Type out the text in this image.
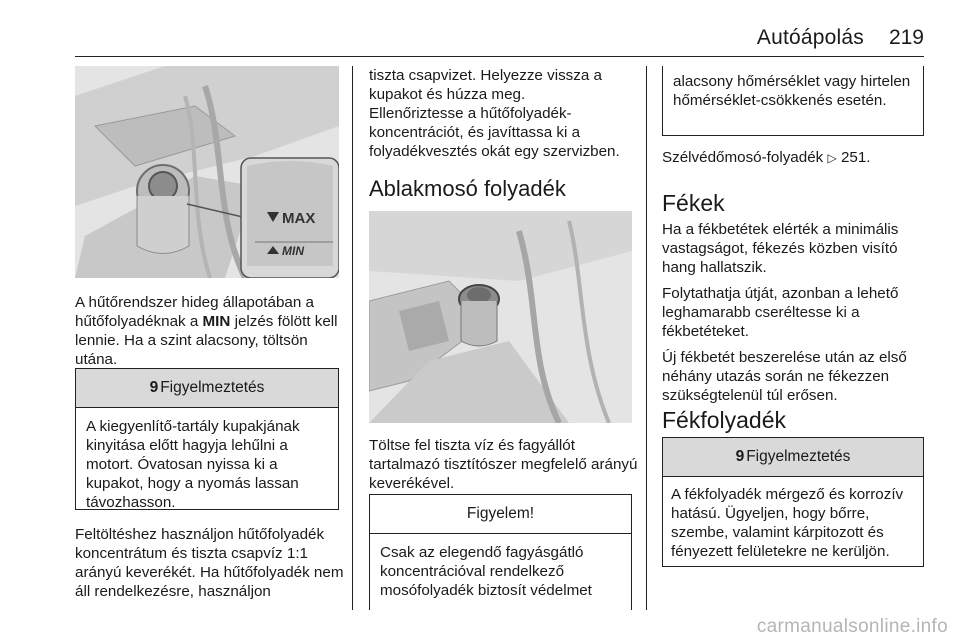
Autóápolás 219
MAX
MIN

A hűtőrendszer hideg állapotában a hűtőfolyadéknak a MIN jelzés fölött kell lennie. Ha a szint alacsony, töltsön utána.

9 Figyelmeztetés
A kiegyenlítő-tartály kupakjának kinyitása előtt hagyja lehűlni a motort. Óvatosan nyissa ki a kupakot, hogy a nyomás lassan távozhasson.

Feltöltéshez használjon hűtőfolyadék koncentrátum és tiszta csapvíz 1:1 arányú keverékét. Ha hűtőfolyadék nem áll rendelkezésre, használjon

tiszta csapvizet. Helyezze vissza a kupakot és húzza meg.

Ellenőriztesse a hűtőfolyadék-koncentrációt, és javíttassa ki a folyadékvesztés okát egy szervizben.

Ablakmosó folyadék

Töltse fel tiszta víz és fagyállót tartalmazó tisztítószer megfelelő arányú keverékével.

Figyelem!
Csak az elegendő fagyásgátló koncentrációval rendelkező mosófolyadék biztosít védelmet
alacsony hőmérséklet vagy hirtelen hőmérséklet-csökkenés esetén.

Szélvédőmosó-folyadék ▷ 251.

Fékek

Ha a fékbetétek elérték a minimális vastagságot, fékezés közben visító hang hallatszik.

Folytathatja útját, azonban a lehető leghamarabb cseréltesse ki a fékbetéteket.

Új fékbetét beszerelése után az első néhány utazás során ne fékezzen szükségtelenül túl erősen.

Fékfolyadék
9 Figyelmeztetés
A fékfolyadék mérgező és korrozív hatású. Ügyeljen, hogy bőrre, szembe, valamint kárpitozott és fényezett felületekre ne kerüljön.
carmanualsonline.info
